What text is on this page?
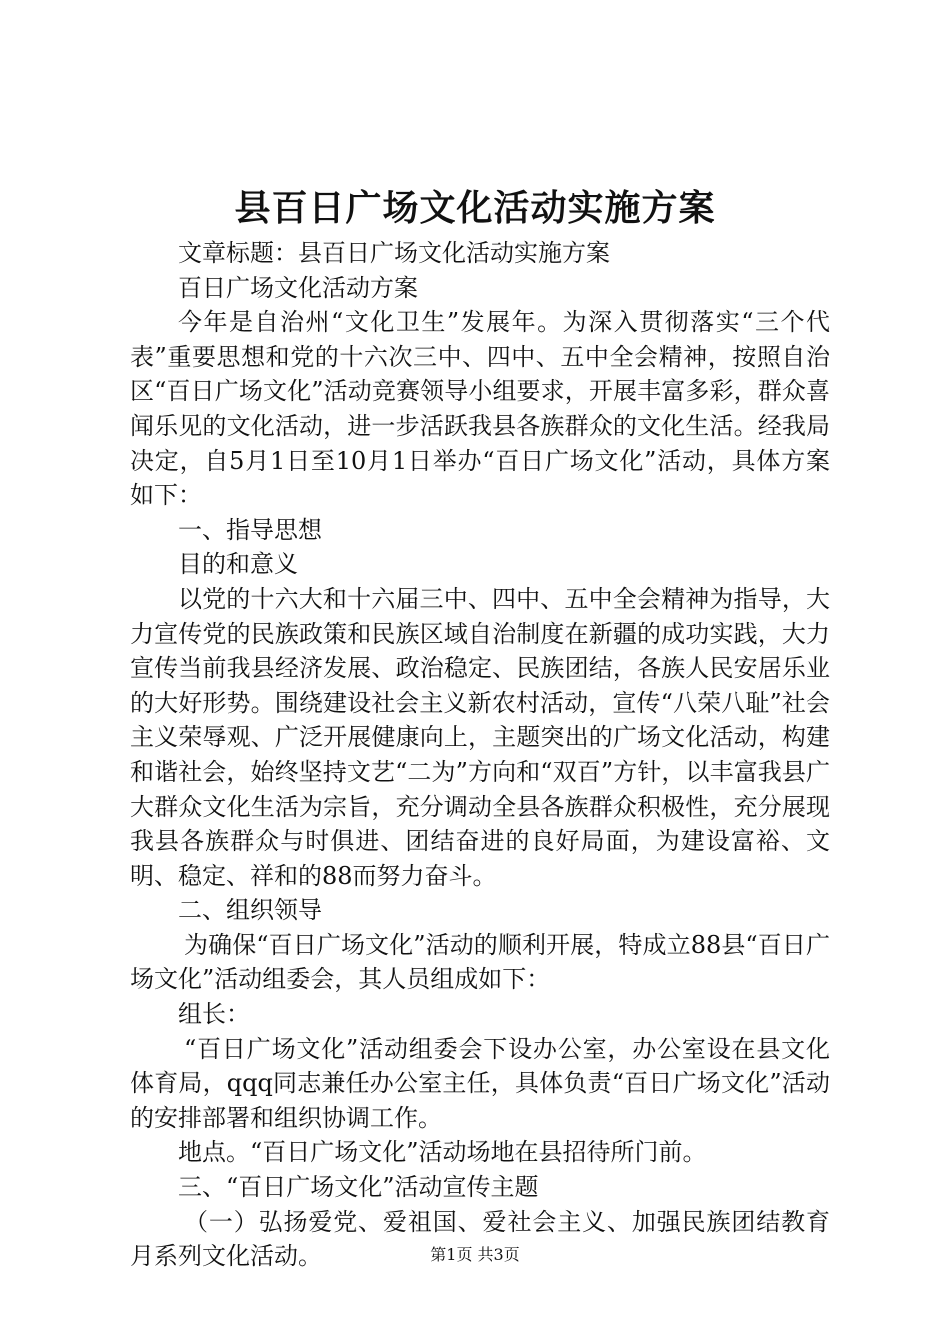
县百日广场文化活动实施方案

文章标题：县百日广场文化活动实施方案

百日广场文化活动方案

今年是自治州“文化卫生”发展年。为深入贯彻落实“三个代表”重要思想和党的十六次三中、四中、五中全会精神，按照自治区“百日广场文化”活动竞赛领导小组要求，开展丰富多彩，群众喜闻乐见的文化活动，进一步活跃我县各族群众的文化生活。经我局决定，自5月1日至10月1日举办“百日广场文化”活动，具体方案如下：

一、指导思想

目的和意义

以党的十六大和十六届三中、四中、五中全会精神为指导，大力宣传党的民族政策和民族区域自治制度在新疆的成功实践，大力宣传当前我县经济发展、政治稳定、民族团结，各族人民安居乐业的大好形势。围绕建设社会主义新农村活动，宣传“八荣八耻”社会主义荣辱观、广泛开展健康向上，主题突出的广场文化活动，构建和谐社会，始终坚持文艺“二为”方向和“双百”方针，以丰富我县广大群众文化生活为宗旨，充分调动全县各族群众积极性，充分展现我县各族群众与时俱进、团结奋进的良好局面，为建设富裕、文明、稳定、祥和的88而努力奋斗。

二、组织领导

为确保“百日广场文化”活动的顺利开展，特成立88县“百日广场文化”活动组委会，其人员组成如下：

组长：

“百日广场文化”活动组委会下设办公室，办公室设在县文化体育局，qqq同志兼任办公室主任，具体负责“百日广场文化”活动的安排部署和组织协调工作。

地点。“百日广场文化”活动场地在县招待所门前。

三、“百日广场文化”活动宣传主题

（一）弘扬爱党、爱祖国、爱社会主义、加强民族团结教育月系列文化活动。	第1页 共3页
